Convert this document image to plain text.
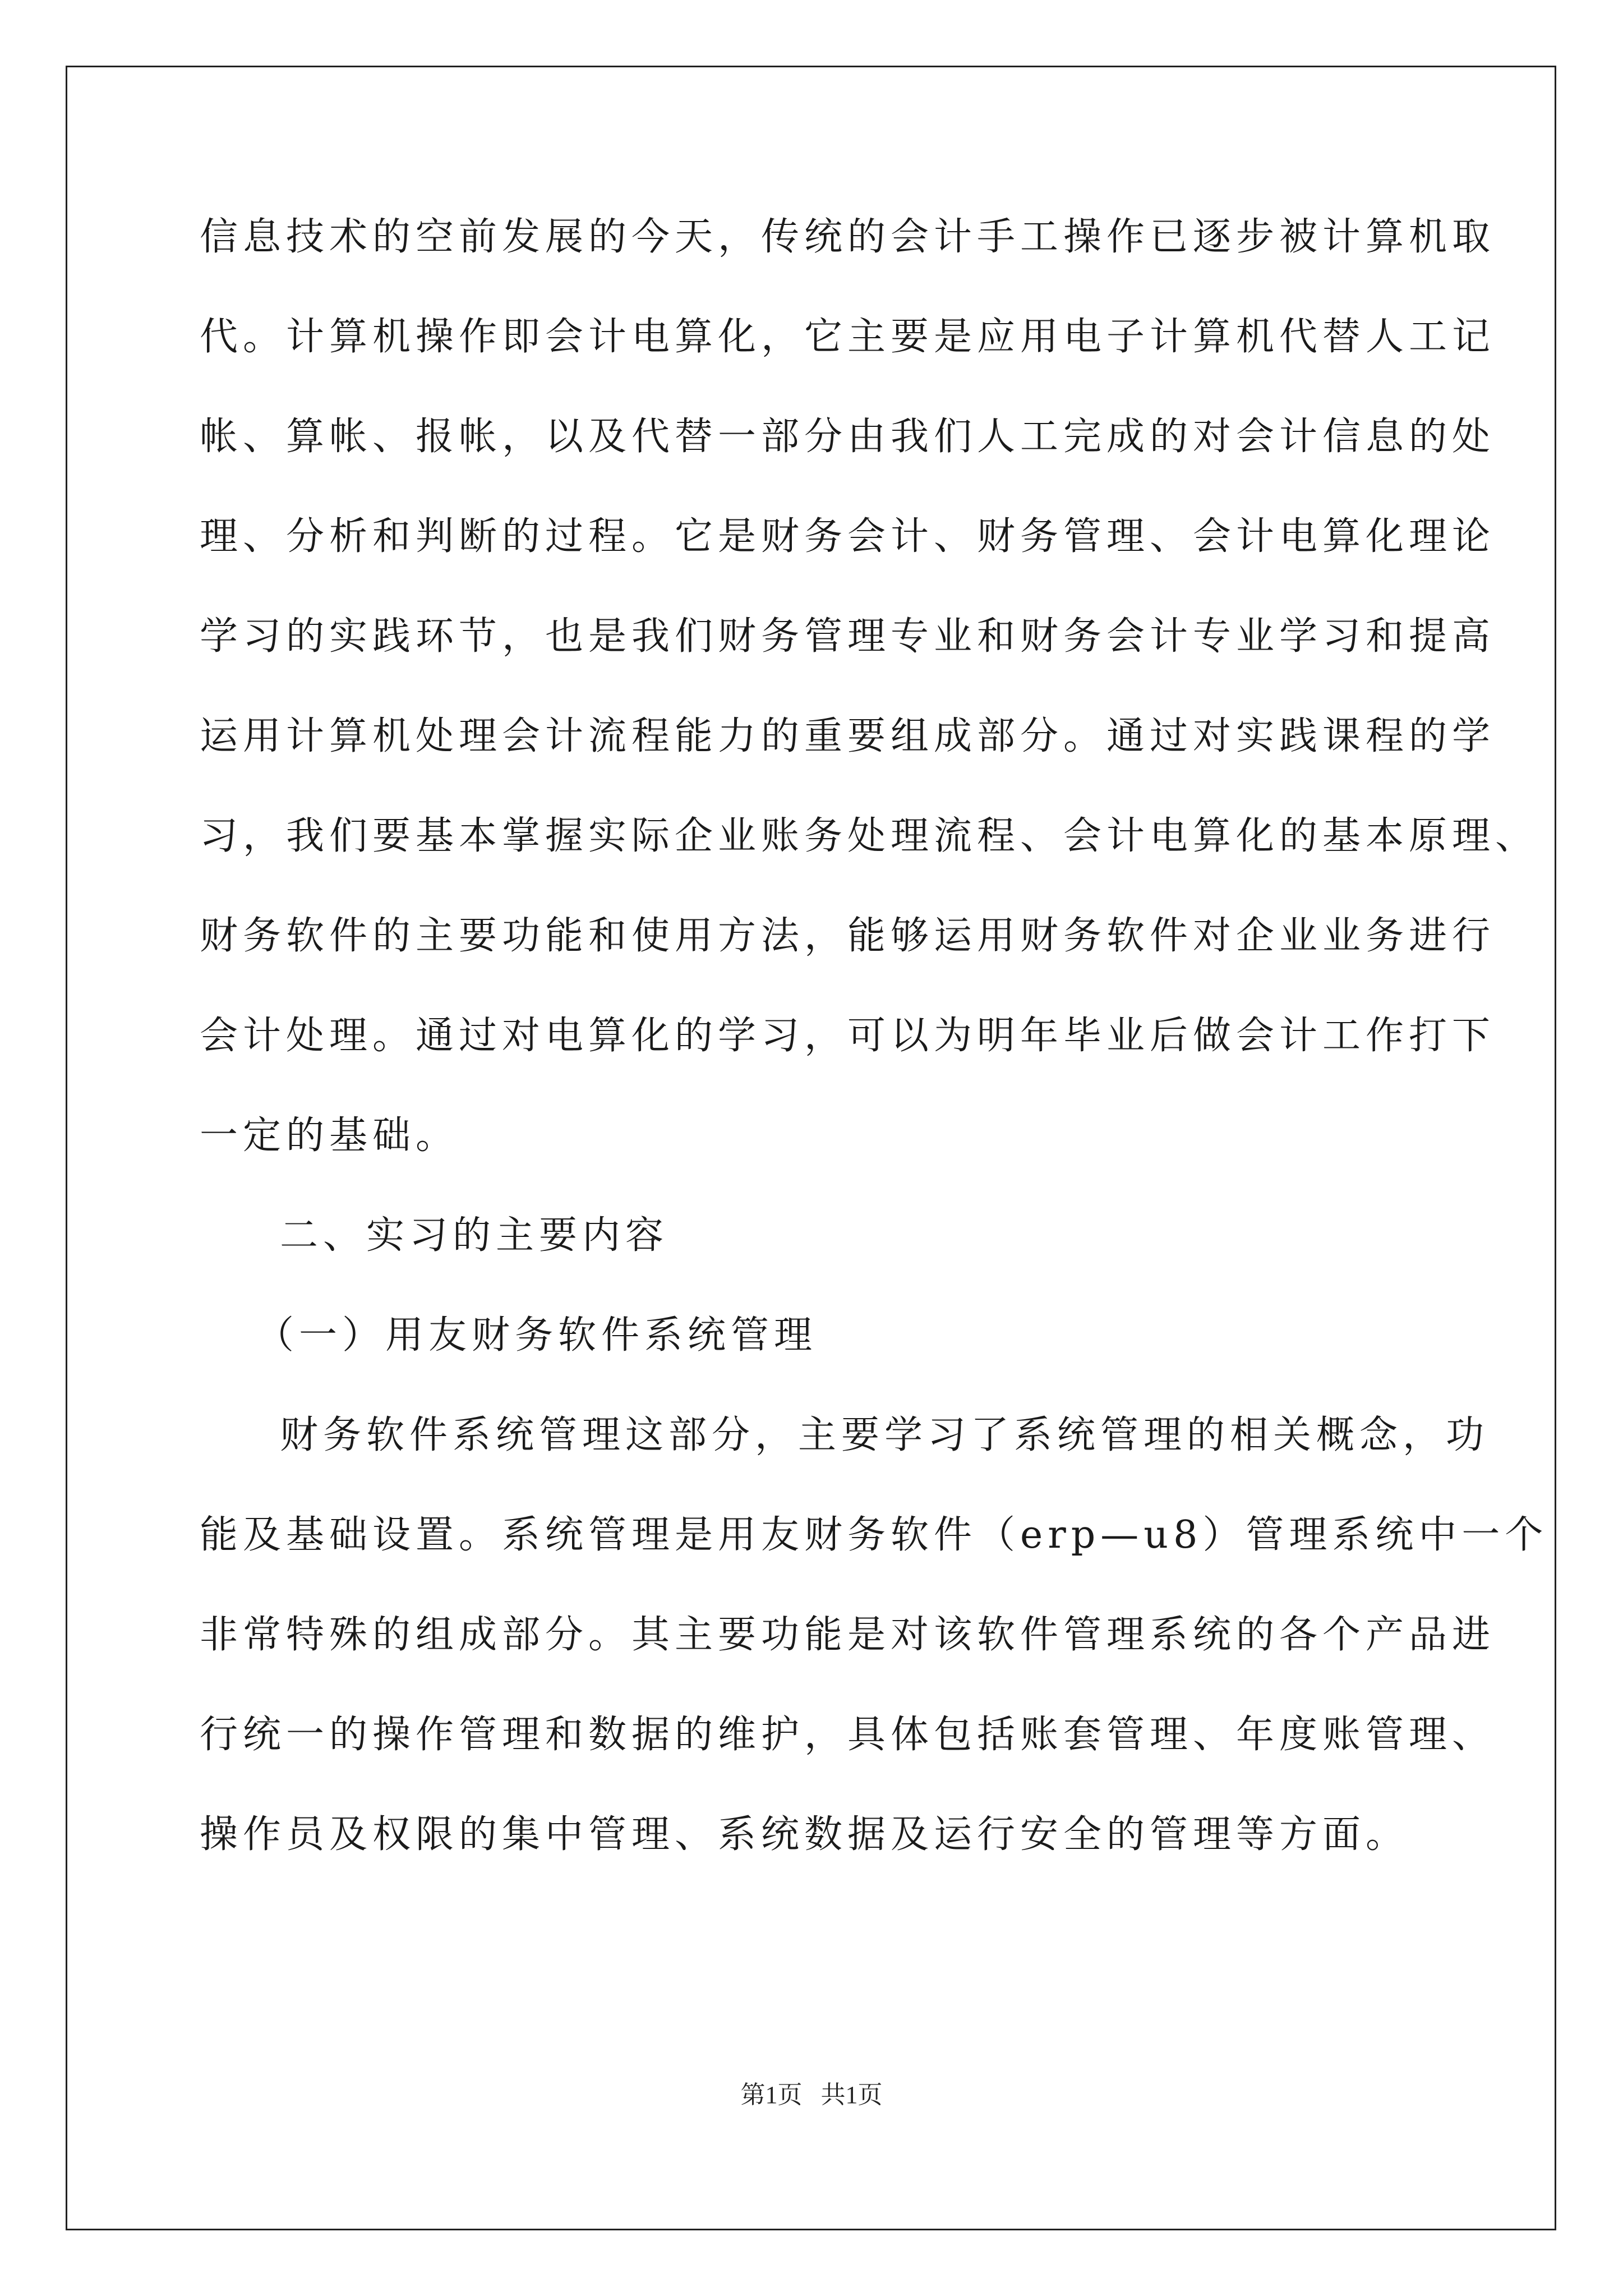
信息技术的空前发展的今天，传统的会计手工操作已逐步被计算机取
代。计算机操作即会计电算化，它主要是应用电子计算机代替人工记
帐、算帐、报帐，以及代替一部分由我们人工完成的对会计信息的处
理、分析和判断的过程。它是财务会计、财务管理、会计电算化理论
学习的实践环节，也是我们财务管理专业和财务会计专业学习和提高
运用计算机处理会计流程能力的重要组成部分。通过对实践课程的学
习，我们要基本掌握实际企业账务处理流程、会计电算化的基本原理、
财务软件的主要功能和使用方法，能够运用财务软件对企业业务进行
会计处理。通过对电算化的学习，可以为明年毕业后做会计工作打下
一定的基础。
二、实习的主要内容
（一）用友财务软件系统管理
财务软件系统管理这部分，主要学习了系统管理的相关概念，功
能及基础设置。系统管理是用友财务软件（erp—u8）管理系统中一个
非常特殊的组成部分。其主要功能是对该软件管理系统的各个产品进
行统一的操作管理和数据的维护，具体包括账套管理、年度账管理、
操作员及权限的集中管理、系统数据及运行安全的管理等方面。
第1页   共1页
